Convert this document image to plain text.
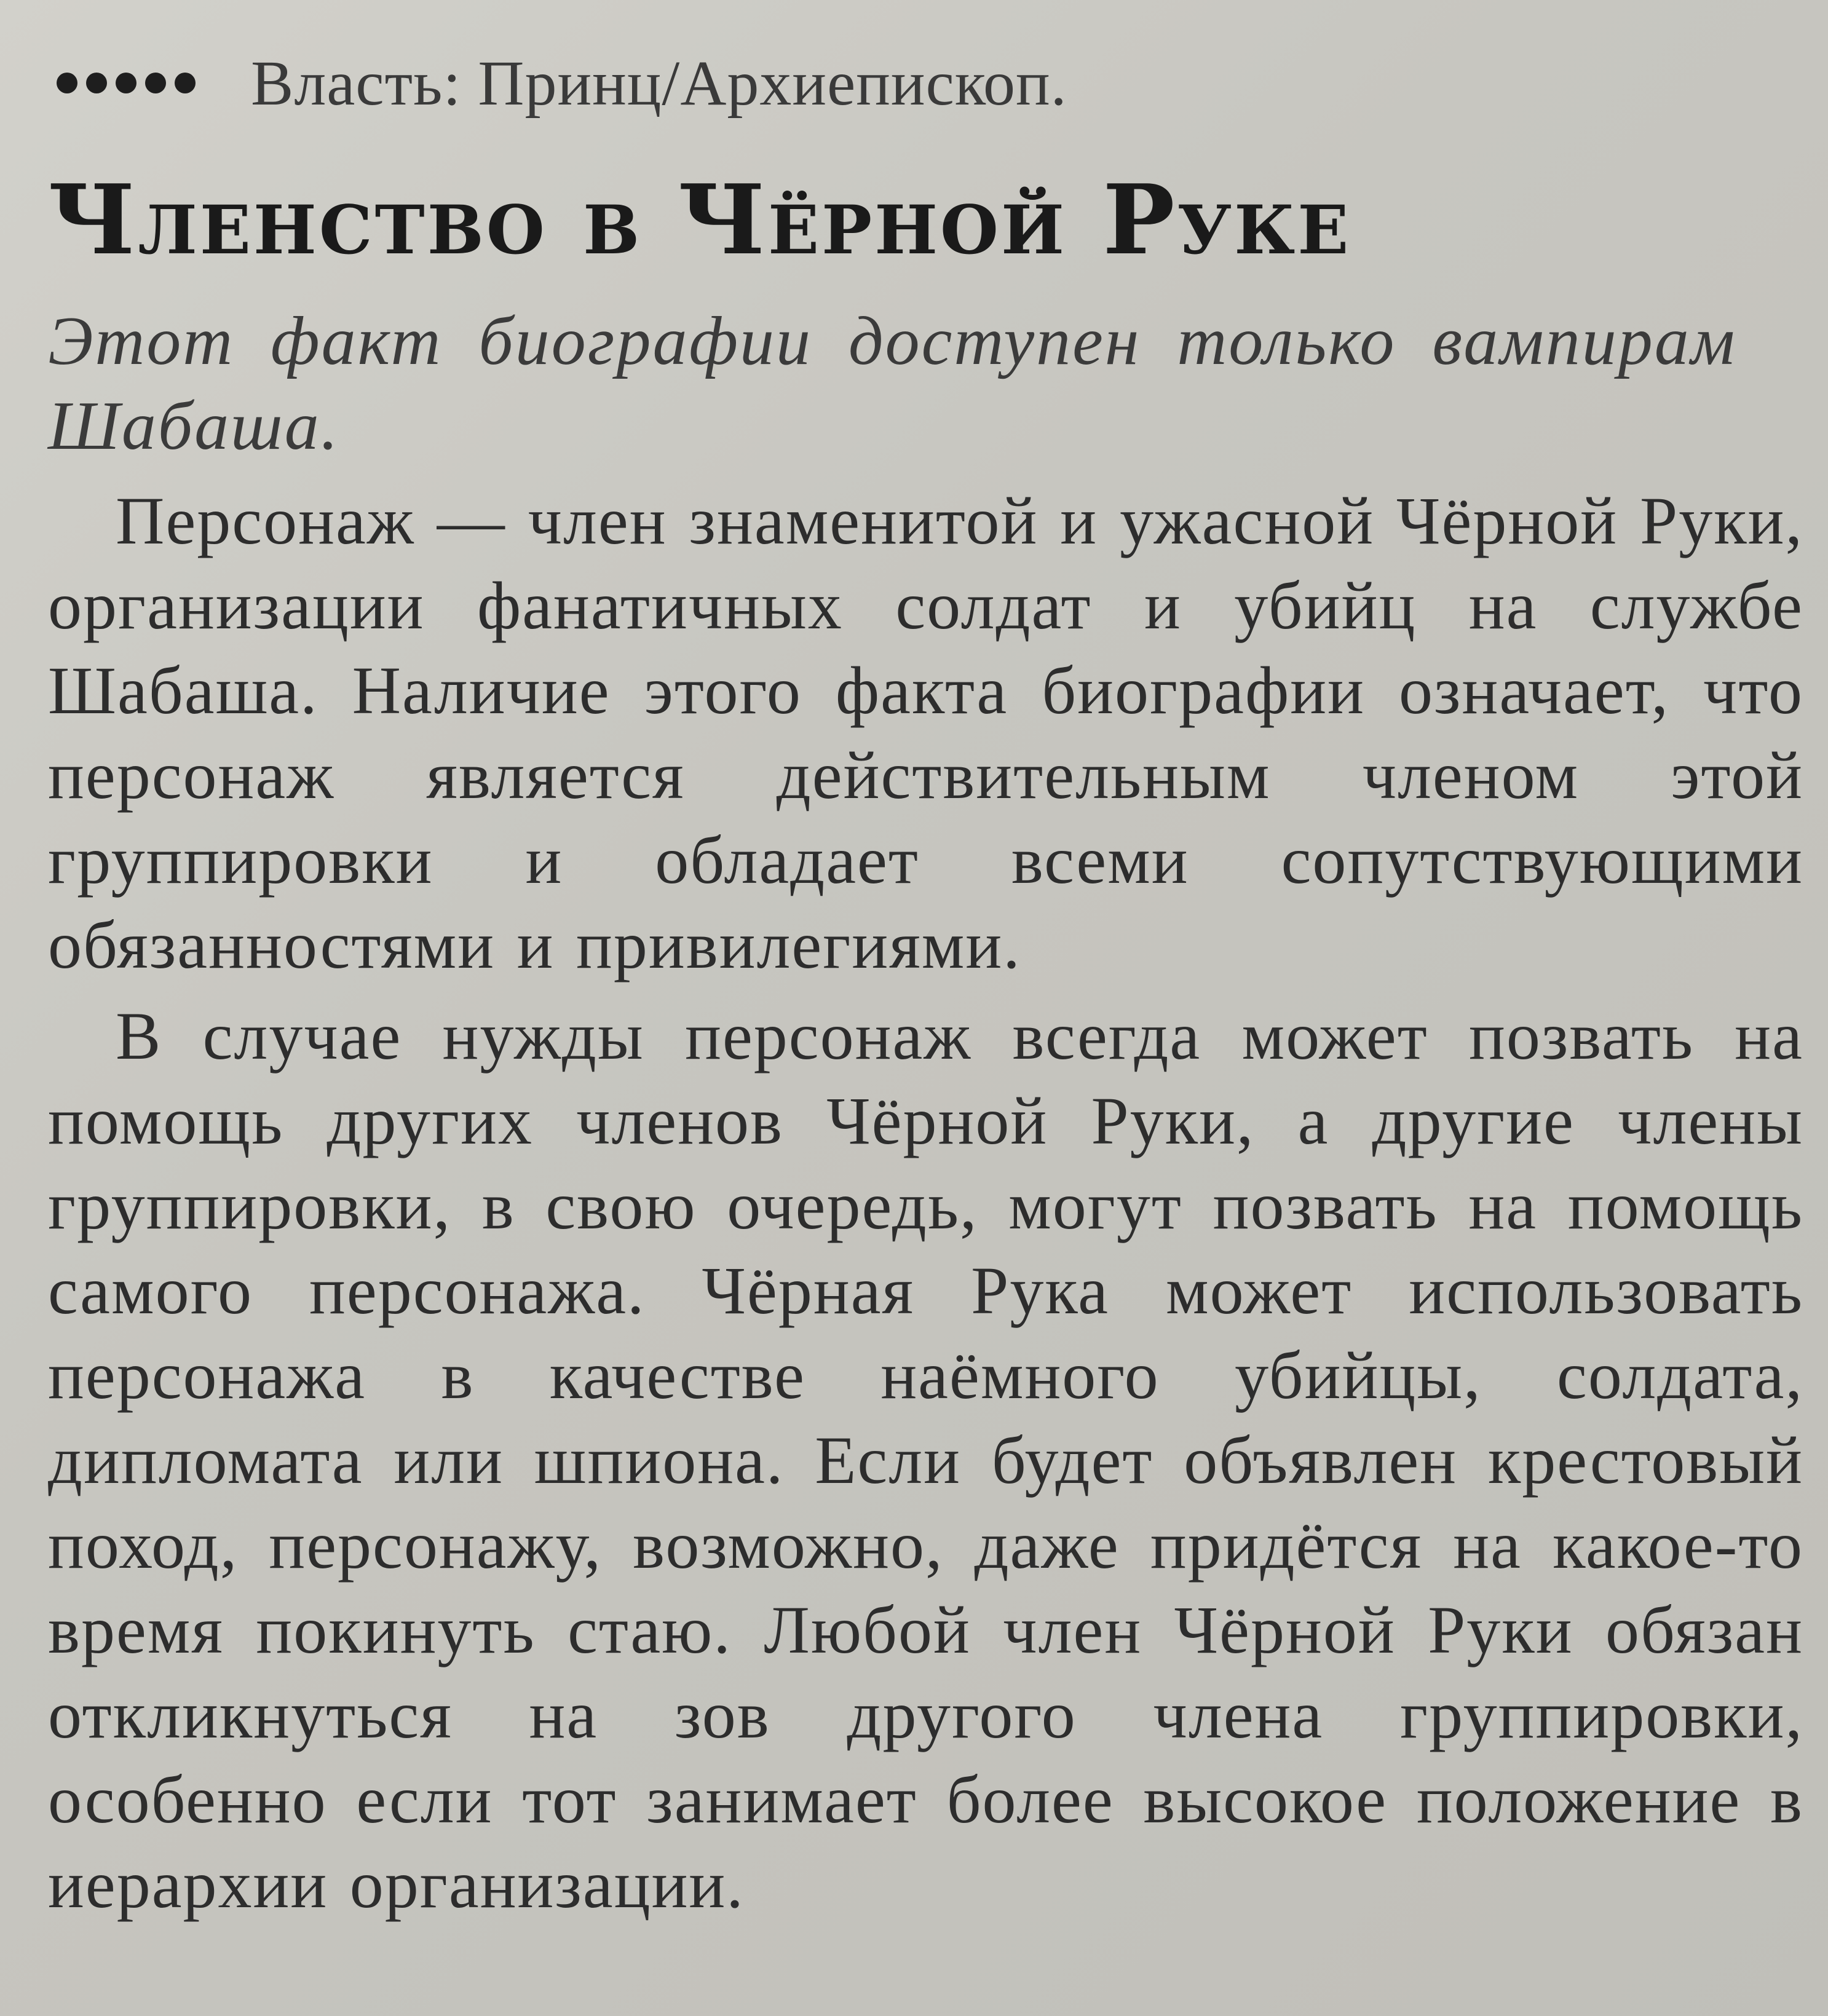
Власть: Принц/Архиепископ.
Членство в Чёрной Руке
Этот факт биографии доступен только вампирам Шабаша.

Персонаж — член знаменитой и ужасной Чёрной Руки, организации фанатичных солдат и убийц на службе Шабаша. Наличие этого факта биографии означает, что персонаж является действительным членом этой группировки и обладает всеми сопутствующими обязанностями и привилегиями.

В случае нужды персонаж всегда может позвать на помощь других членов Чёрной Руки, а другие члены группировки, в свою очередь, могут позвать на помощь самого персонажа. Чёрная Рука может использовать персонажа в качестве наёмного убийцы, солдата, дипломата или шпиона. Если будет объявлен крестовый поход, персонажу, возможно, даже придётся на какое-то время покинуть стаю. Любой член Чёрной Руки обязан откликнуться на зов другого члена группировки, особенно если тот занимает более высокое положение в иерархии организации.
